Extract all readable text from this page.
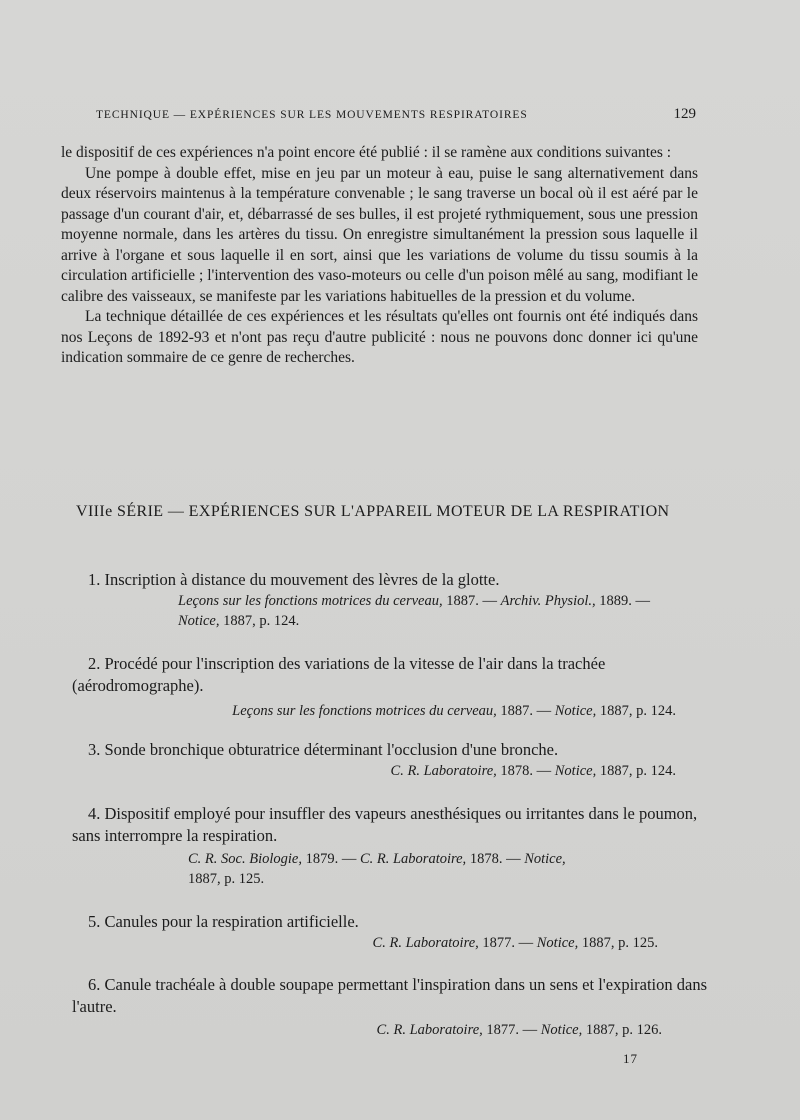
TECHNIQUE — EXPÉRIENCES SUR LES MOUVEMENTS RESPIRATOIRES	129

le dispositif de ces expériences n'a point encore été publié : il se ramène aux conditions suivantes :

Une pompe à double effet, mise en jeu par un moteur à eau, puise le sang alternativement dans deux réservoirs maintenus à la température convenable ; le sang traverse un bocal où il est aéré par le passage d'un courant d'air, et, débarrassé de ses bulles, il est projeté rythmiquement, sous une pression moyenne normale, dans les artères du tissu. On enregistre simultanément la pression sous laquelle il arrive à l'organe et sous laquelle il en sort, ainsi que les variations de volume du tissu soumis à la circulation artificielle ; l'intervention des vaso-moteurs ou celle d'un poison mêlé au sang, modifiant le calibre des vaisseaux, se manifeste par les variations habituelles de la pression et du volume.

La technique détaillée de ces expériences et les résultats qu'elles ont fournis ont été indiqués dans nos Leçons de 1892-93 et n'ont pas reçu d'autre publicité : nous ne pouvons donc donner ici qu'une indication sommaire de ce genre de recherches.

VIIIe SÉRIE — EXPÉRIENCES SUR L'APPAREIL MOTEUR DE LA RESPIRATION
1. Inscription à distance du mouvement des lèvres de la glotte.
Leçons sur les fonctions motrices du cerveau, 1887. — Archiv. Physiol., 1889. — Notice, 1887, p. 124.
2. Procédé pour l'inscription des variations de la vitesse de l'air dans la trachée (aérodromographe).
Leçons sur les fonctions motrices du cerveau, 1887. — Notice, 1887, p. 124.
3. Sonde bronchique obturatrice déterminant l'occlusion d'une bronche.
C. R. Laboratoire, 1878. — Notice, 1887, p. 124.
4. Dispositif employé pour insuffler des vapeurs anesthésiques ou irritantes dans le poumon, sans interrompre la respiration.
C. R. Soc. Biologie, 1879. — C. R. Laboratoire, 1878. — Notice, 1887, p. 125.
5. Canules pour la respiration artificielle.
C. R. Laboratoire, 1877. — Notice, 1887, p. 125.
6. Canule trachéale à double soupape permettant l'inspiration dans un sens et l'expiration dans l'autre.
C. R. Laboratoire, 1877. — Notice, 1887, p. 126.
17
